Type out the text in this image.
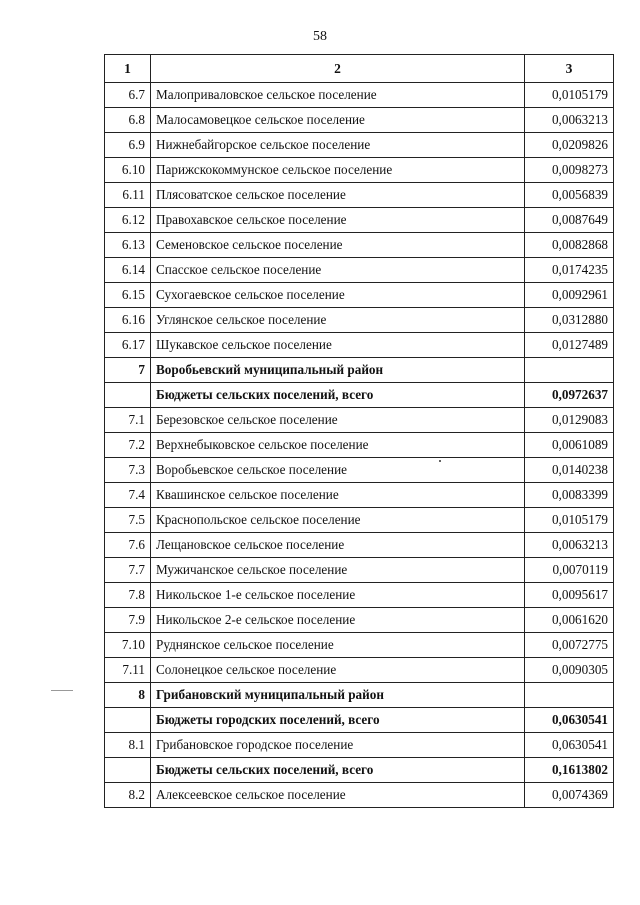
58
1	2	3
6.7	Малоприваловское сельское поселение	0,0105179
6.8	Малосамовецкое сельское поселение	0,0063213
6.9	Нижнебайгорское сельское поселение	0,0209826
6.10	Парижскокоммунское сельское поселение	0,0098273
6.11	Плясоватское сельское поселение	0,0056839
6.12	Правохавское сельское поселение	0,0087649
6.13	Семеновское сельское поселение	0,0082868
6.14	Спасское сельское поселение	0,0174235
6.15	Сухогаевское сельское поселение	0,0092961
6.16	Углянское сельское поселение	0,0312880
6.17	Шукавское сельское поселение	0,0127489
7	Воробьевский муниципальный район	
	Бюджеты сельских поселений, всего	0,0972637
7.1	Березовское сельское поселение	0,0129083
7.2	Верхнебыковское сельское поселение	0,0061089
7.3	Воробьевское сельское поселение	0,0140238
7.4	Квашинское сельское поселение	0,0083399
7.5	Краснопольское сельское поселение	0,0105179
7.6	Лещановское сельское поселение	0,0063213
7.7	Мужичанское сельское поселение	0,0070119
7.8	Никольское 1-е сельское поселение	0,0095617
7.9	Никольское 2-е сельское поселение	0,0061620
7.10	Руднянское сельское поселение	0,0072775
7.11	Солонецкое сельское поселение	0,0090305
8	Грибановский муниципальный район	
	Бюджеты городских поселений, всего	0,0630541
8.1	Грибановское городское поселение	0,0630541
	Бюджеты сельских поселений, всего	0,1613802
8.2	Алексеевское сельское поселение	0,0074369
